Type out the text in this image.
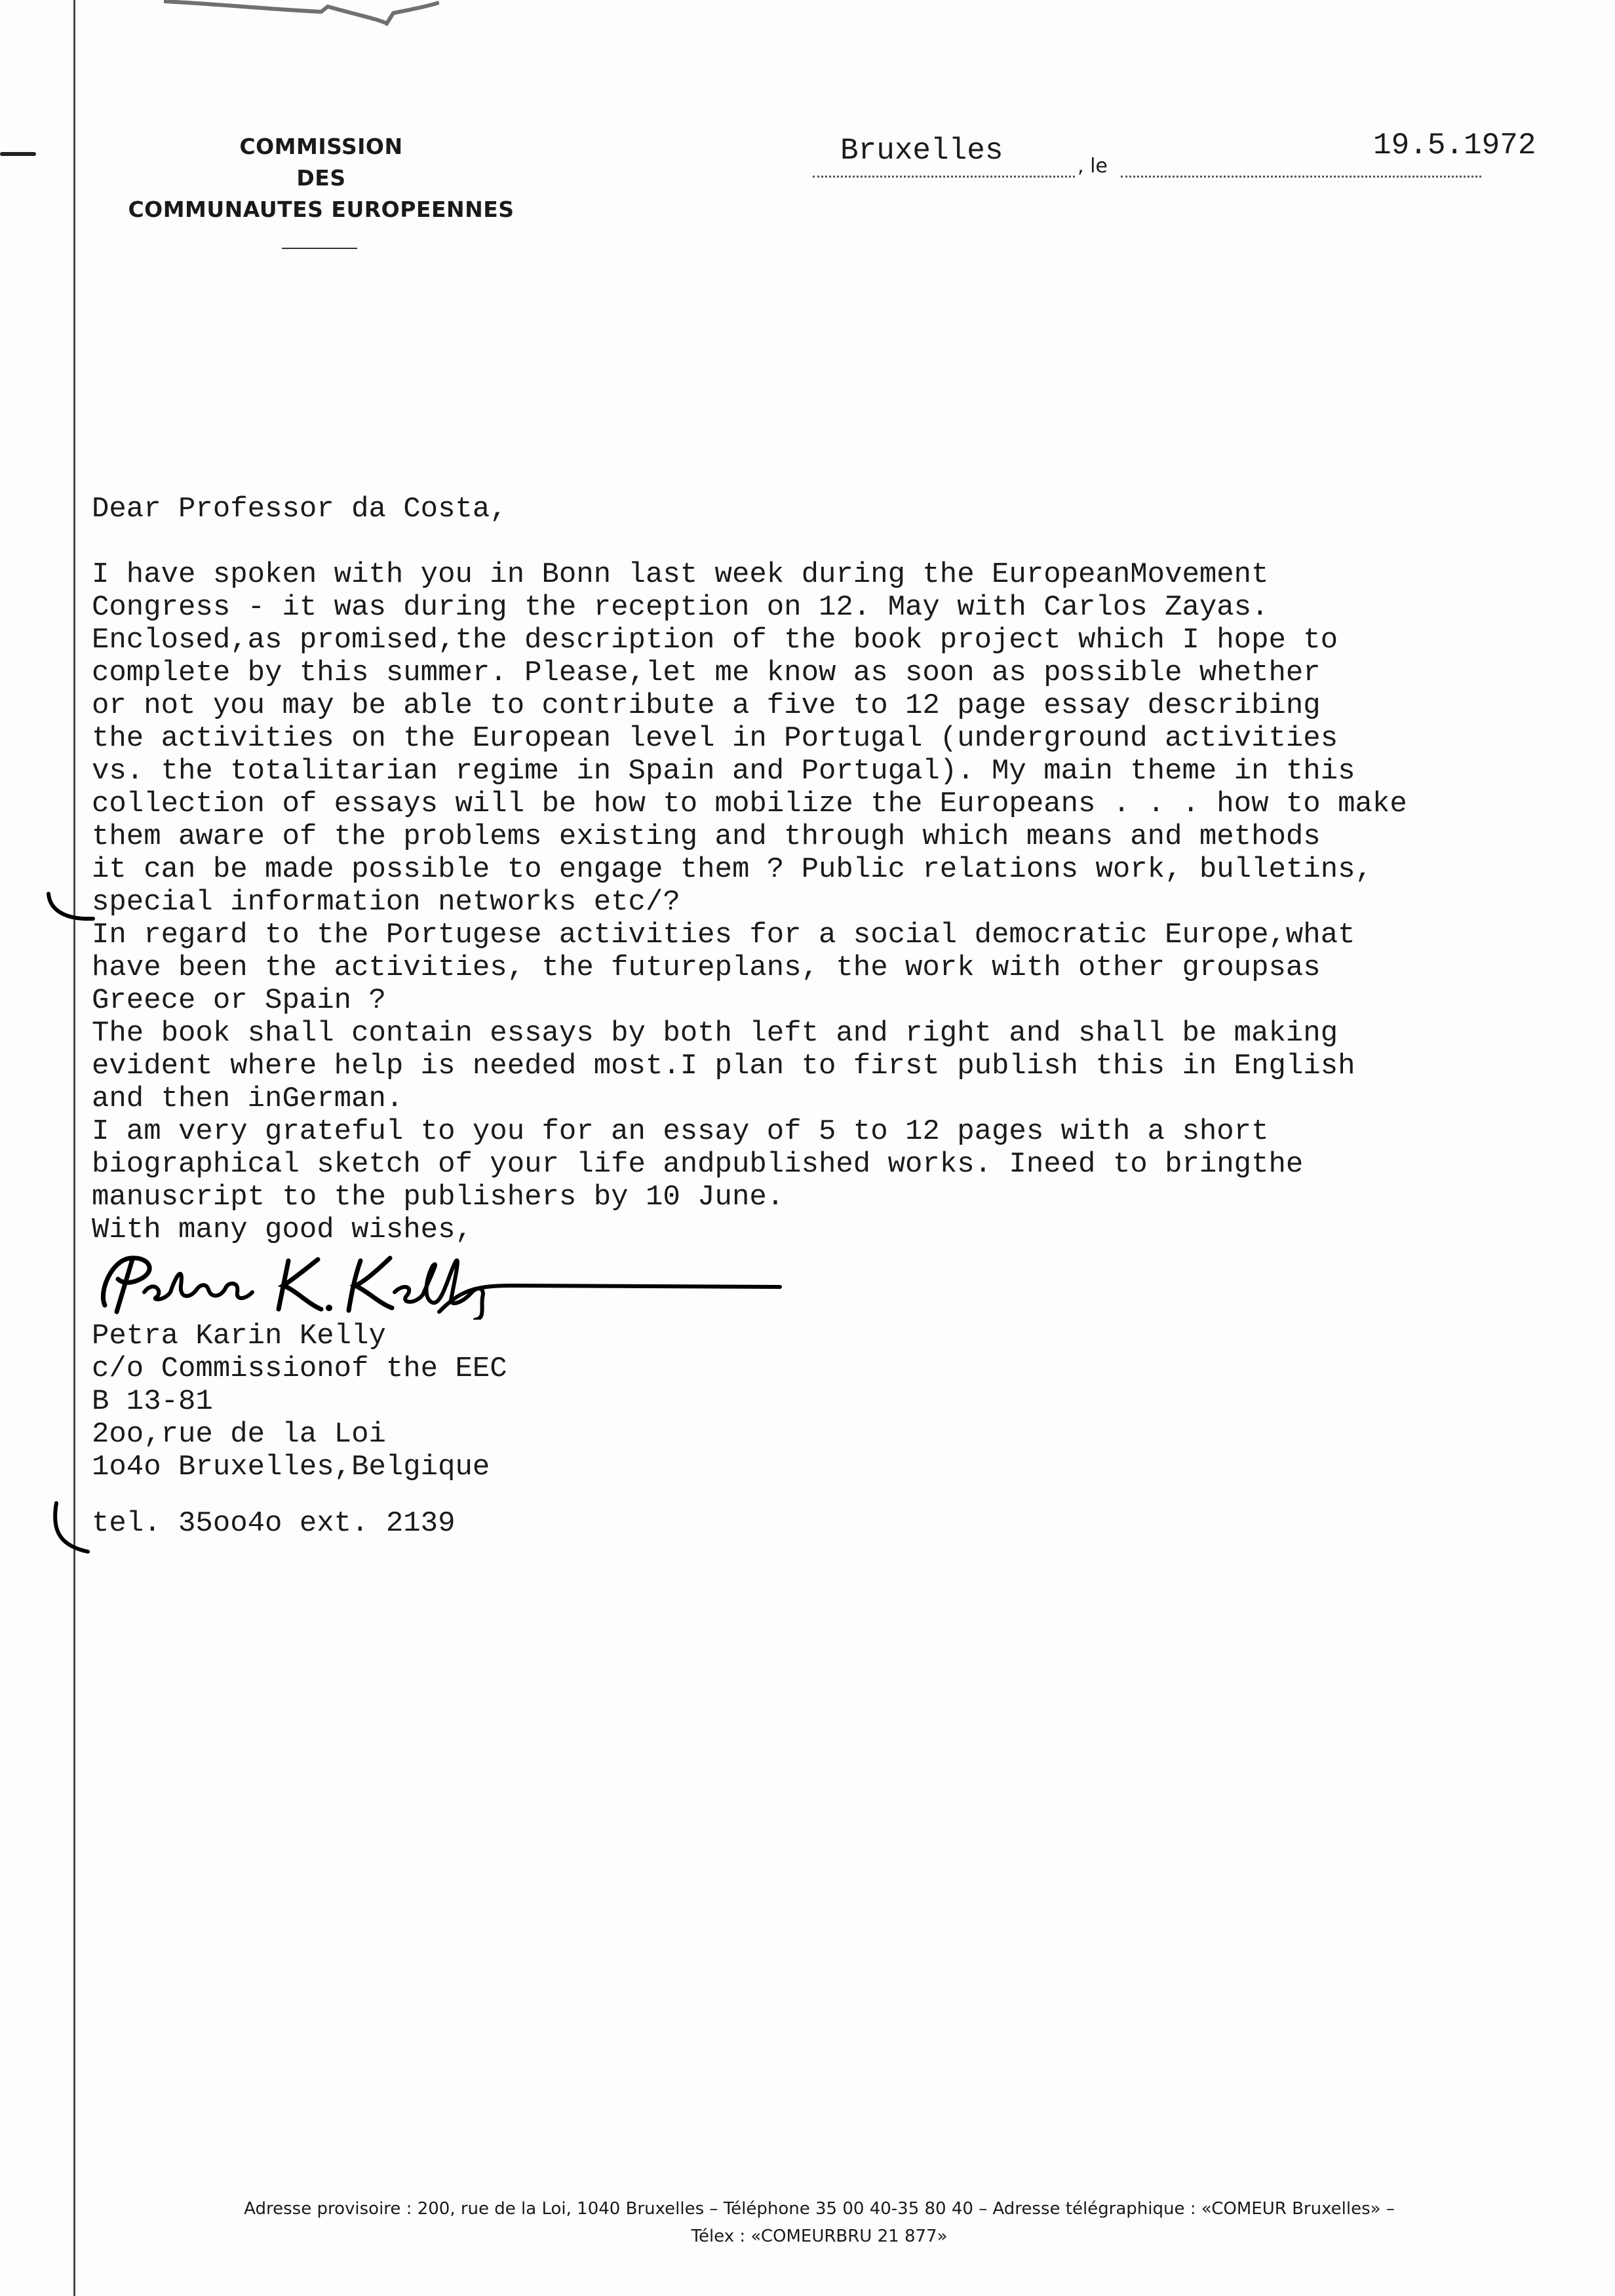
COMMISSION
DES
COMMUNAUTES EUROPEENNES
Bruxelles	, le
19.5.1972

Dear Professor da Costa,

I have spoken with you in Bonn last week during the EuropeanMovement

Congress - it was during the reception on 12. May with Carlos Zayas.

Enclosed,as promised,the description of the book project which I hope to

complete by this summer. Please,let me know as soon as possible whether

or not you may be able to contribute a five to 12 page essay describing

the activities on the European level in Portugal (underground activities

vs. the totalitarian regime in Spain and Portugal). My main theme in this

collection of essays will be how to mobilize the Europeans . . . how to make

them aware of the problems existing and through which means and methods

it can be made possible to engage them ? Public relations work, bulletins,

special information networks etc/?

In regard to the Portugese activities for a social democratic Europe,what

have been the activities, the futureplans, the work with other groupsas

Greece or Spain ?

The book shall contain essays by both left and right and shall be making

evident where help is needed most.I plan to first publish this in English

and then inGerman.

I am very grateful to you for an essay of 5 to 12 pages with a short

biographical sketch of your life andpublished works. Ineed to bringthe

manuscript to the publishers by 10 June.

With many good wishes,

Petra Karin Kelly

c/o Commissionof the EEC

B 13-81

2oo,rue de la Loi

1o4o Bruxelles,Belgique

tel. 35oo4o ext. 2139

Adresse provisoire : 200, rue de la Loi, 1040 Bruxelles – Téléphone 35 00 40-35 80 40 – Adresse télégraphique : «COMEUR Bruxelles» –
Télex : «COMEURBRU 21 877»
